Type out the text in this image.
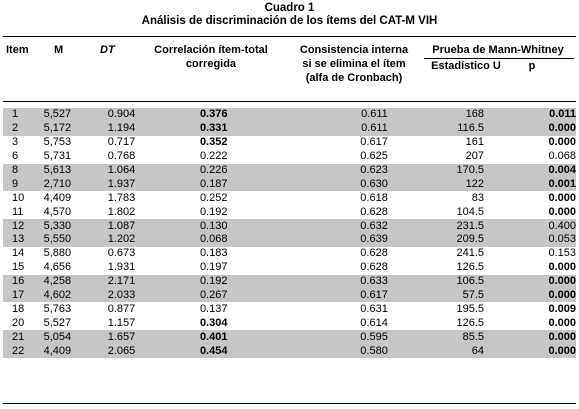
Cuadro 1
Análisis de discriminación de los ítems del CAT-M VIH
Item M	DT	Correlación ítem-total
corregida
Consistencia interna
si se elimina el ítem
(alfa de Cronbach)
Prueba de Mann-Whitney
Estadístico U	p
1	5,527	0.904	0.376	0.611	168	0.011
2	5,172	1.194	0.331	0.611	116.5	0.000
3	5,753	0.717	0.352	0.617	161	0.000
6	5,731	0.768	0.222	0.625	207	0.068
8	5,613	1.064	0.226	0.623	170.5	0.004
9	2,710	1.937	0.187	0.630	122	0.001
10	4,409	1.783	0.252	0.618	83	0.000
11	4,570	1.802	0.192	0.628	104.5	0.000
12	5,330	1.087	0.130	0.632	231.5	0.400
13	5,550	1.202	0.068	0.639	209.5	0.053
14	5,880	0.673	0.183	0.628	241.5	0.153
15	4,656	1.931	0.197	0.628	126.5	0.000
16	4,258	2.171	0.192	0.633	106.5	0.000
17	4,602	2.033	0.267	0.617	57.5	0.000
18	5,763	0.877	0.137	0.631	195.5	0.009
20	5,527	1.157	0.304	0.614	126.5	0.000
21	5,054	1.657	0.401	0.595	85.5	0.000
22	4,409	2.065	0.454	0.580	64	0.000
